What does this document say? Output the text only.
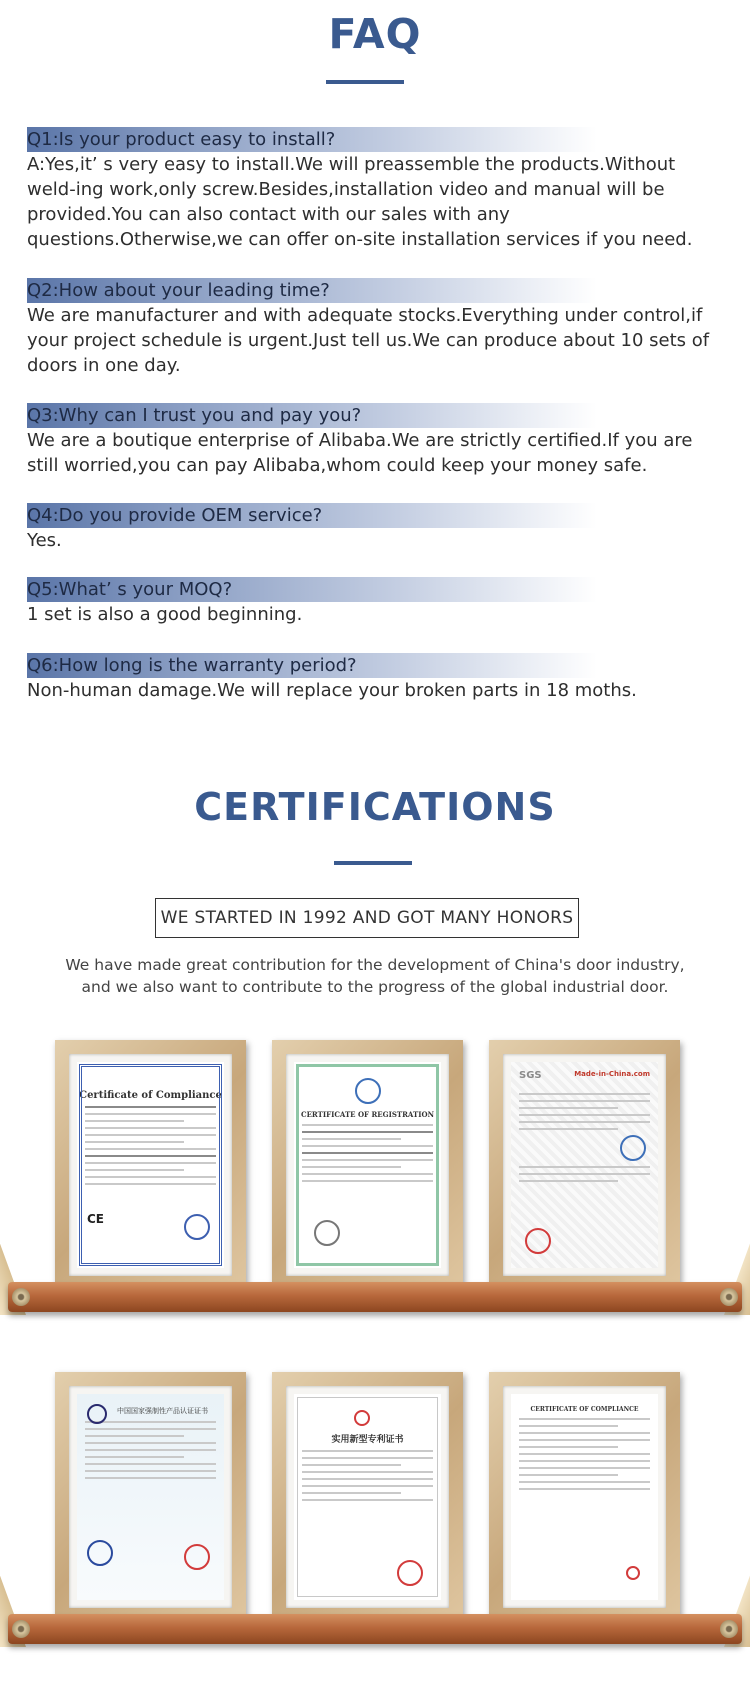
FAQ
Q1:Is your product easy to install?
A:Yes,it’ s very easy to install.We will preassemble the products.Without weld-ing work,only screw.Besides,installation video and manual will be provided.You can also contact with our sales with any questions.Otherwise,we can offer on-site installation services if you need.
Q2:How about your leading time?
We are manufacturer and with adequate stocks.Everything under control,if your project schedule is urgent.Just tell us.We can produce about 10 sets of doors in one day.
Q3:Why can I trust you and pay you?
We are a boutique enterprise of Alibaba.We are strictly certified.If you are still worried,you can pay Alibaba,whom could keep your money safe.
Q4:Do you provide OEM service?
Yes.
Q5:What’ s your MOQ?
1 set is also a good beginning.
Q6:How long is the warranty period?
Non-human damage.We will replace your broken parts in 18 moths.
CERTIFICATIONS
WE STARTED IN 1992 AND GOT MANY HONORS
We have made great contribution for the development of China's door industry,
and we also want to contribute to the progress of the global industrial door.
Certificate of Compliance
CE
CERTIFICATE OF REGISTRATION
SGS	Made-in-China.com
中国国家强制性产品认证证书
实用新型专利证书
CERTIFICATE OF COMPLIANCE
